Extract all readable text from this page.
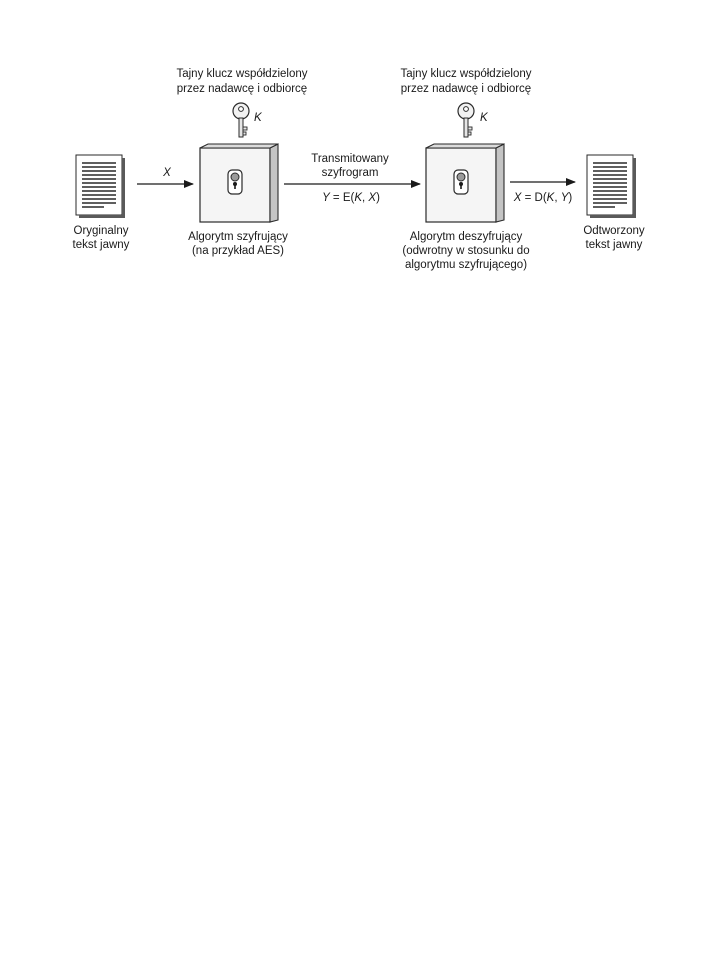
Oryginalny
tekst jawny
X
Tajny klucz współdzielony
przez nadawcę i odbiorcę
K
Algorytm szyfrujący
(na przykład AES)
Transmitowany
szyfrogram
Y = E(K, X)
Tajny klucz współdzielony
przez nadawcę i odbiorcę
K
Algorytm deszyfrujący
(odwrotny w stosunku do
algorytmu szyfrującego)
X = D(K, Y)
Odtworzony
tekst jawny
